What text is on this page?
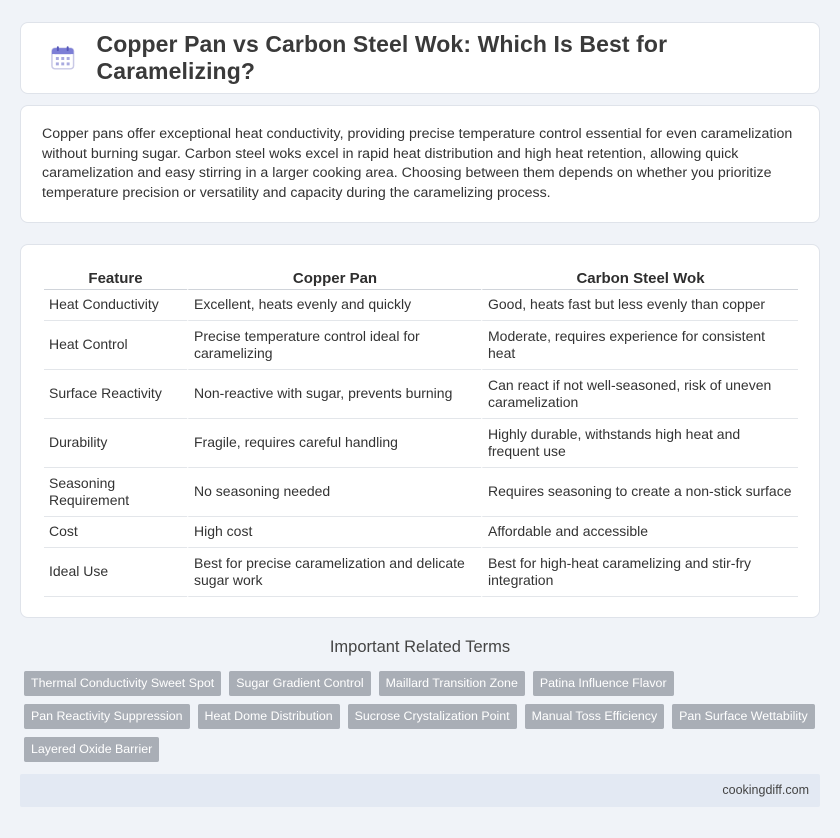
Copper Pan vs Carbon Steel Wok: Which Is Best for Caramelizing?

Copper pans offer exceptional heat conductivity, providing precise temperature control essential for even caramelization without burning sugar. Carbon steel woks excel in rapid heat distribution and high heat retention, allowing quick caramelization and easy stirring in a larger cooking area. Choosing between them depends on whether you prioritize temperature precision or versatility and capacity during the caramelizing process.

Feature	Copper Pan	Carbon Steel Wok
Heat Conductivity	Excellent, heats evenly and quickly	Good, heats fast but less evenly than copper
Heat Control	Precise temperature control ideal for caramelizing	Moderate, requires experience for consistent heat
Surface Reactivity	Non-reactive with sugar, prevents burning	Can react if not well-seasoned, risk of uneven caramelization
Durability	Fragile, requires careful handling	Highly durable, withstands high heat and frequent use
Seasoning Requirement	No seasoning needed	Requires seasoning to create a non-stick surface
Cost	High cost	Affordable and accessible
Ideal Use	Best for precise caramelization and delicate sugar work	Best for high-heat caramelizing and stir-fry integration
Important Related Terms
Thermal Conductivity Sweet Spot	Sugar Gradient Control	Maillard Transition Zone	Patina Influence Flavor
Pan Reactivity Suppression	Heat Dome Distribution	Sucrose Crystalization Point	Manual Toss Efficiency	Pan Surface Wettability
Layered Oxide Barrier
cookingdiff.com
